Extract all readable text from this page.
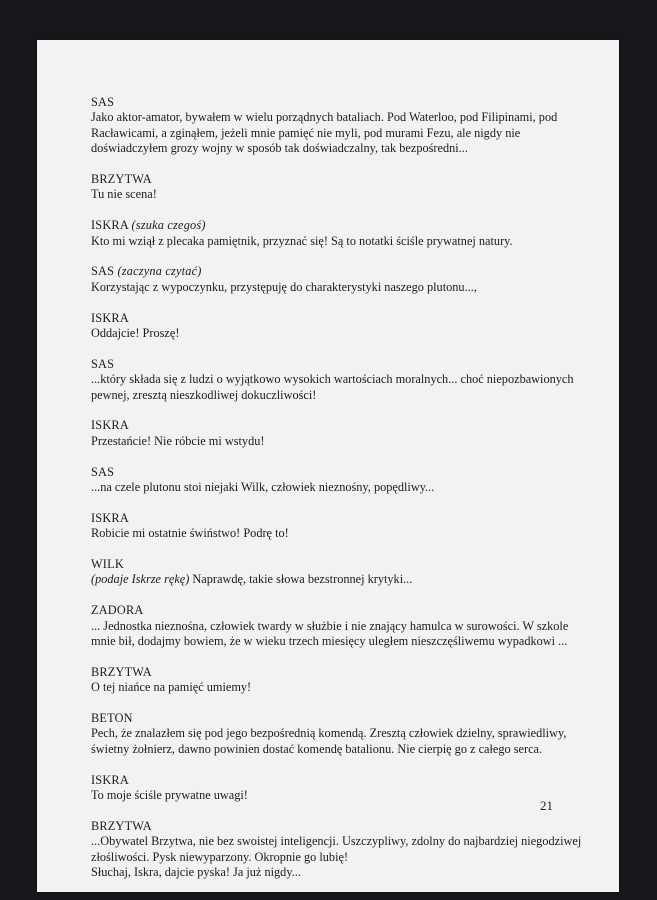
SAS
Jako aktor-amator, bywałem w wielu porządnych bataliach. Pod Waterloo, pod Filipinami, pod
Racławicami, a zginąłem, jeżeli mnie pamięć nie myli, pod murami Fezu, ale nigdy nie
doświadczyłem grozy wojny w sposób tak doświadczalny, tak bezpośredni...
BRZYTWA
Tu nie scena!
ISKRA (szuka czegoś)
Kto mi wziął z plecaka pamiętnik, przyznać się! Są to notatki ściśle prywatnej natury.
SAS (zaczyna czytać)
Korzystając z wypoczynku, przystępuję do charakterystyki naszego plutonu...,
ISKRA
Oddajcie! Proszę!
SAS
...który składa się z ludzi o wyjątkowo wysokich wartościach moralnych... choć niepozbawionych
pewnej, zresztą nieszkodliwej dokuczliwości!
ISKRA
Przestańcie! Nie róbcie mi wstydu!
SAS
...na czele plutonu stoi niejaki Wilk, człowiek nieznośny, popędliwy...
ISKRA
Robicie mi ostatnie świństwo! Podrę to!
WILK
(podaje Iskrze rękę) Naprawdę, takie słowa bezstronnej krytyki...
ZADORA
... Jednostka nieznośna, człowiek twardy w służbie i nie znający hamulca w surowości. W szkole
mnie bił, dodajmy bowiem, że w wieku trzech miesięcy uległem nieszczęśliwemu wypadkowi ...
BRZYTWA
O tej niańce na pamięć umiemy!
BETON
Pech, że znalazłem się pod jego bezpośrednią komendą. Zresztą człowiek dzielny, sprawiedliwy,
świetny żołnierz, dawno powinien dostać komendę batalionu. Nie cierpię go z całego serca.
ISKRA
To moje ściśle prywatne uwagi!
BRZYTWA
...Obywatel Brzytwa, nie bez swoistej inteligencji. Uszczypliwy, zdolny do najbardziej niegodziwej
złośliwości. Pysk niewyparzony. Okropnie go lubię!
Słuchaj, Iskra, dajcie pyska! Ja już nigdy...
21
